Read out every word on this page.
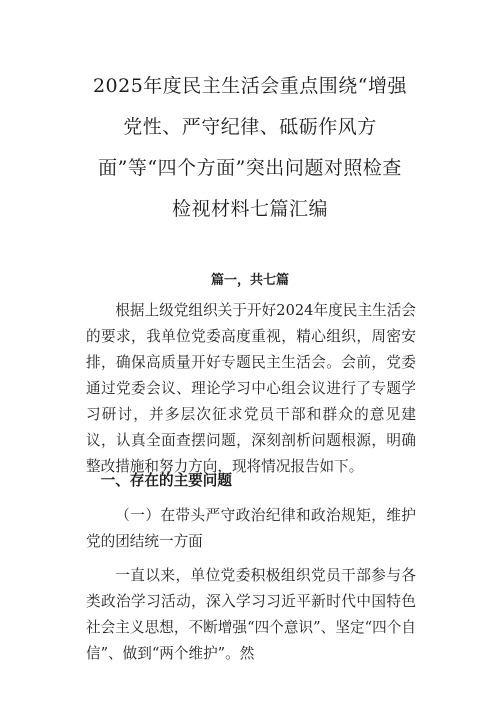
2025年度民主生活会重点围绕“增强党性、严守纪律、砥砺作风方面”等“四个方面”突出问题对照检查检视材料七篇汇编
篇一，共七篇
根据上级党组织关于开好2024年度民主生活会的要求，我单位党委高度重视，精心组织，周密安排，确保高质量开好专题民主生活会。会前，党委通过党委会议、理论学习中心组会议进行了专题学习研讨，并多层次征求党员干部和群众的意见建议，认真全面查摆问题，深刻剖析问题根源，明确整改措施和努力方向，现将情况报告如下。
一、存在的主要问题
（一）在带头严守政治纪律和政治规矩，维护党的团结统一方面
一直以来，单位党委积极组织党员干部参与各类政治学习活动，深入学习习近平新时代中国特色社会主义思想，不断增强“四个意识”、坚定“四个自信”、做到“两个维护”。然
